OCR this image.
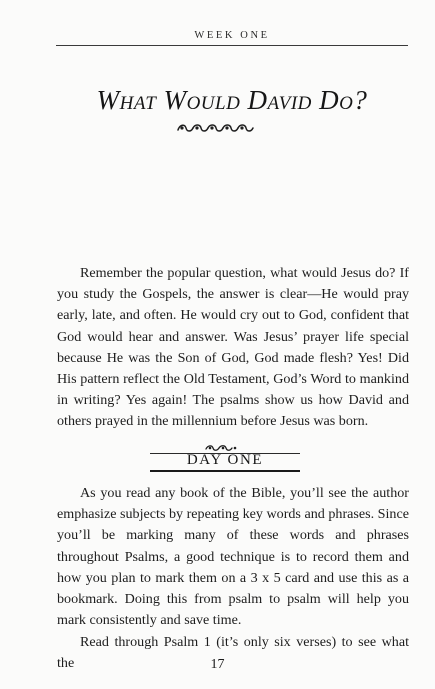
WEEK ONE
What Would David Do?

Remember the popular question, what would Jesus do? If you study the Gospels, the answer is clear—He would pray early, late, and often. He would cry out to God, confident that God would hear and answer. Was Jesus’ prayer life special because He was the Son of God, God made flesh? Yes! Did His pattern reflect the Old Testament, God’s Word to mankind in writing? Yes again! The psalms show us how David and others prayed in the millennium before Jesus was born.

DAY ONE

As you read any book of the Bible, you’ll see the author emphasize subjects by repeating key words and phrases. Since you’ll be marking many of these words and phrases throughout Psalms, a good technique is to record them and how you plan to mark them on a 3 x 5 card and use this as a bookmark. Doing this from psalm to psalm will help you mark consistently and save time.

Read through Psalm 1 (it’s only six verses) to see what the	17
